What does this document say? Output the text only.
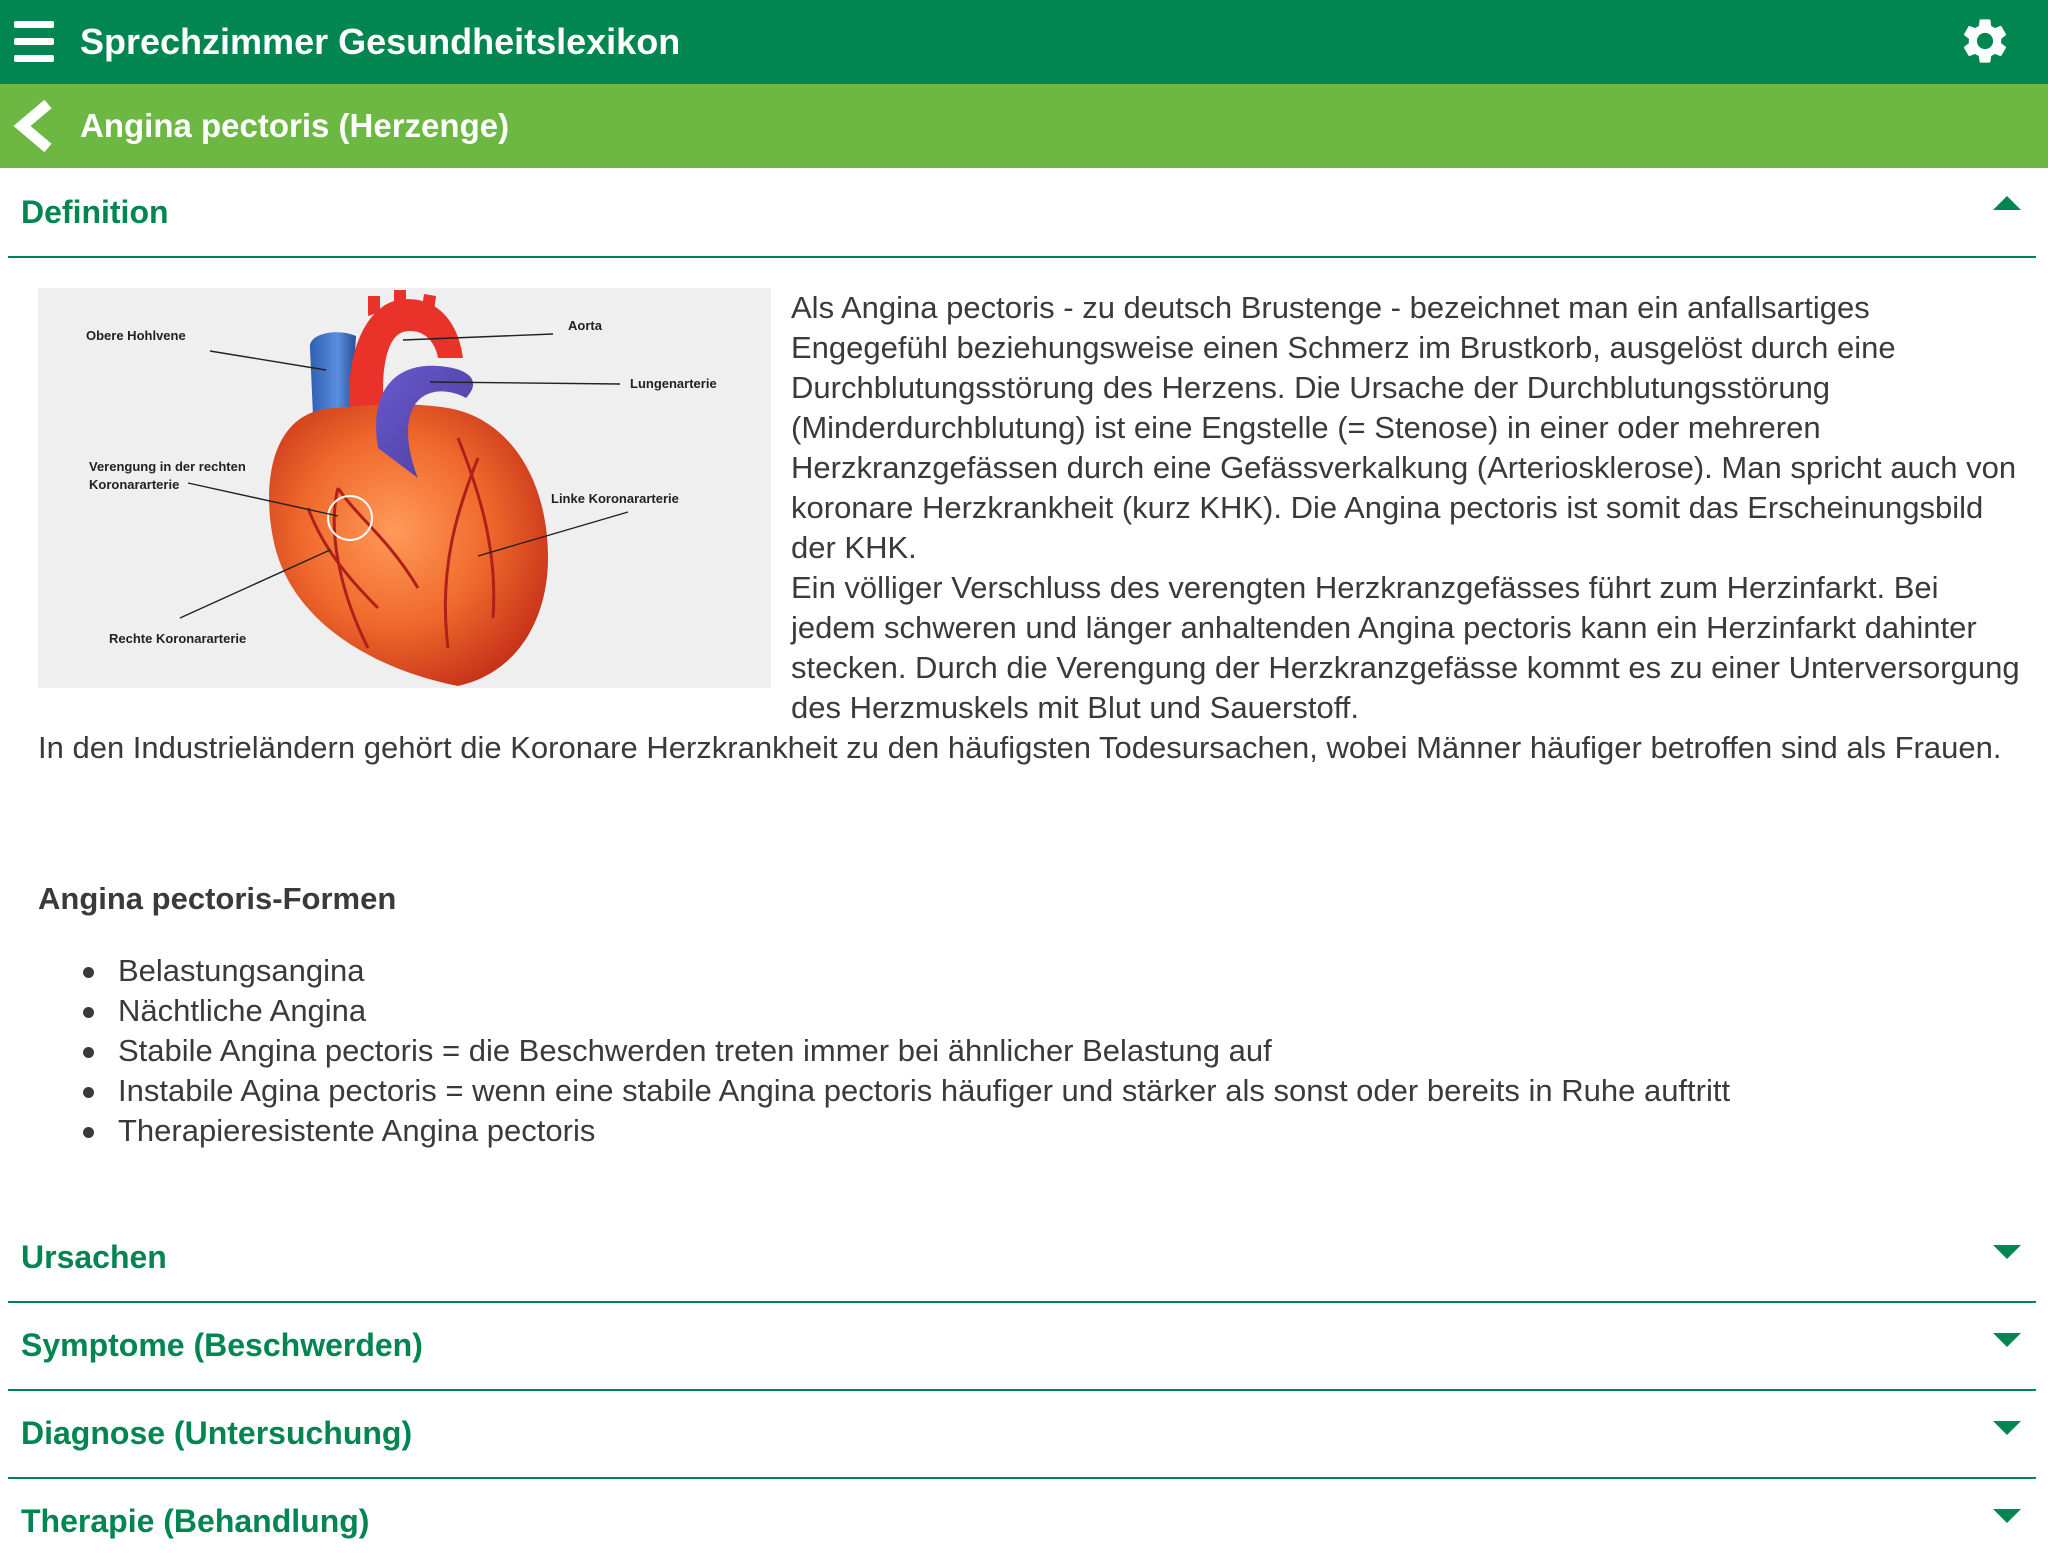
Sprechzimmer Gesundheitslexikon
Angina pectoris (Herzenge)
Definition
Obere Hohlvene
Aorta
Lungenarterie
Verengung in der rechten
Koronararterie
Linke Koronararterie
Rechte Koronararterie
Als Angina pectoris - zu deutsch Brustenge - bezeichnet man ein anfallsartiges Engegefühl beziehungsweise einen Schmerz im Brustkorb, ausgelöst durch eine Durchblutungsstörung des Herzens. Die Ursache der Durchblutungsstörung (Minderdurchblutung) ist eine Engstelle (= Stenose) in einer oder mehreren Herzkranzgefässen durch eine Gefässverkalkung (Arteriosklerose). Man spricht auch von koronare Herzkrankheit (kurz KHK). Die Angina pectoris ist somit das Erscheinungsbild der KHK.
Ein völliger Verschluss des verengten Herzkranzgefässes führt zum Herzinfarkt. Bei jedem schweren und länger anhaltenden Angina pectoris kann ein Herzinfarkt dahinter stecken. Durch die Verengung der Herzkranzgefässe kommt es zu einer Unterversorgung des Herzmuskels mit Blut und Sauerstoff.

In den Industrieländern gehört die Koronare Herzkrankheit zu den häufigsten Todesursachen, wobei Männer häufiger betroffen sind als Frauen.

Angina pectoris-Formen
Belastungsangina
Nächtliche Angina
Stabile Angina pectoris = die Beschwerden treten immer bei ähnlicher Belastung auf
Instabile Agina pectoris = wenn eine stabile Angina pectoris häufiger und stärker als sonst oder bereits in Ruhe auftritt
Therapieresistente Angina pectoris
Ursachen
Symptome (Beschwerden)
Diagnose (Untersuchung)
Therapie (Behandlung)
